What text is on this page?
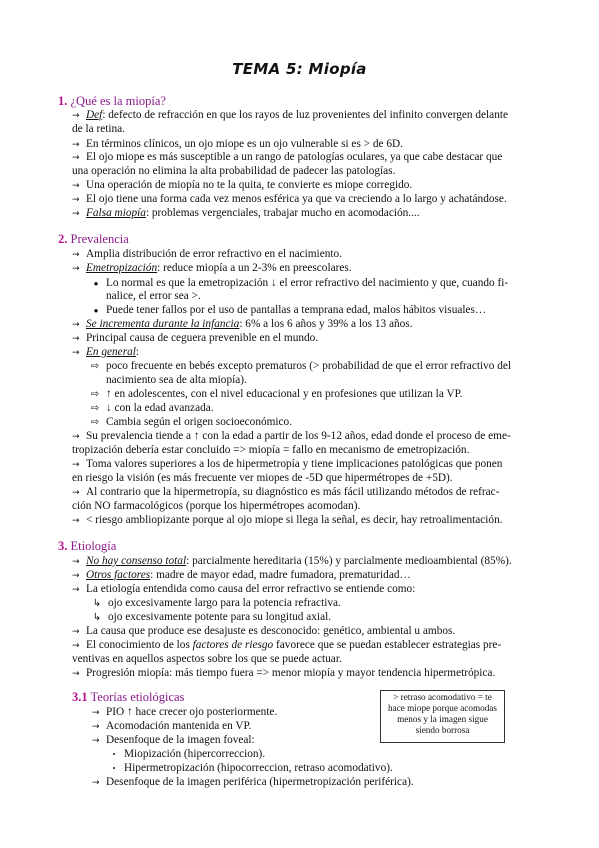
TEMA 5: Miopía
1. ¿Qué es la miopía?
→ Def: defecto de refracción en que los rayos de luz provenientes del infinito convergen delante
de la retina.
→ En términos clínicos, un ojo miope es un ojo vulnerable si es > de 6D.
→ El ojo miope es más susceptible a un rango de patologías oculares, ya que cabe destacar que
una operación no elimina la alta probabilidad de padecer las patologías.
→ Una operación de miopía no te la quita, te convierte es miope corregido.
→ El ojo tiene una forma cada vez menos esférica ya que va creciendo a lo largo y achatándose.
→ Falsa miopía: problemas vergenciales, trabajar mucho en acomodación....
2. Prevalencia
→ Amplia distribución de error refractivo en el nacimiento.
→ Emetropización: reduce miopía a un 2-3% en preescolares.
● Lo normal es que la emetropización ↓ el error refractivo del nacimiento y que, cuando fi-
nalice, el error sea >.
● Puede tener fallos por el uso de pantallas a temprana edad, malos hábitos visuales…
→ Se incrementa durante la infancia: 6% a los 6 años y 39% a los 13 años.
→ Principal causa de ceguera prevenible en el mundo.
→ En general:
⇨ poco frecuente en bebés excepto prematuros (> probabilidad de que el error refractivo del
nacimiento sea de alta miopía).
⇨ ↑ en adolescentes, con el nivel educacional y en profesiones que utilizan la VP.
⇨ ↓ con la edad avanzada.
⇨ Cambia según el origen socioeconómico.
→ Su prevalencia tiende a ↑ con la edad a partir de los 9-12 años, edad donde el proceso de eme-
tropización debería estar concluido => miopía = fallo en mecanismo de emetropización.
→ Toma valores superiores a los de hipermetropía y tiene implicaciones patológicas que ponen
en riesgo la visión (es más frecuente ver miopes de -5D que hipermétropes de +5D).
→ Al contrario que la hipermetropía, su diagnóstico es más fácil utilizando métodos de refrac-
ción NO farmacológicos (porque los hipermétropes acomodan).
→ < riesgo ambliopizante porque al ojo miope si llega la señal, es decir, hay retroalimentación.
3. Etiología
→ No hay consenso total: parcialmente hereditaria (15%) y parcialmente medioambiental (85%).
→ Otros factores: madre de mayor edad, madre fumadora, prematuridad…
→ La etiología entendida como causa del error refractivo se entiende como:
↳ ojo excesivamente largo para la potencia refractiva.
↳ ojo excesivamente potente para su longitud axial.
→ La causa que produce ese desajuste es desconocido: genético, ambiental u ambos.
→ El conocimiento de los factores de riesgo favorece que se puedan establecer estrategias pre-
ventivas en aquellos aspectos sobre los que se puede actuar.
→ Progresión miopía: más tiempo fuera => menor miopía y mayor tendencia hipermetrópica.
3.1 Teorías etiológicas
→ PIO ↑ hace crecer ojo posteriormente.
→ Acomodación mantenida en VP.
→ Desenfoque de la imagen foveal:
• Miopización (hipercorreccion).
• Hipermetropización (hipocorreccion, retraso acomodativo).
→ Desenfoque de la imagen periférica (hipermetropización periférica).
> retraso acomodativo = te
hace miope porque acomodas
menos y la imagen sigue
siendo borrosa
